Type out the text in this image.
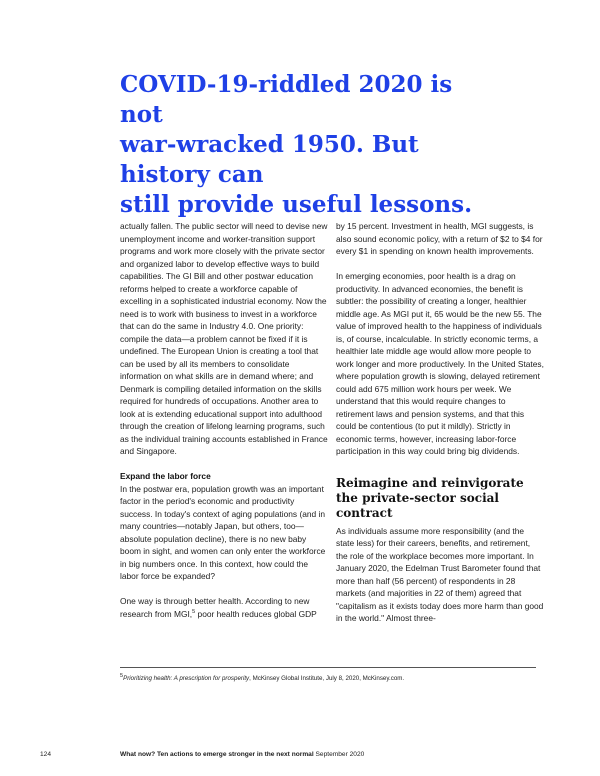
COVID-19-riddled 2020 is not
war-wracked 1950. But history can
still provide useful lessons.

actually fallen. The public sector will need to devise new unemployment income and worker-transition support programs and work more closely with the private sector and organized labor to develop effective ways to build capabilities. The GI Bill and other postwar education reforms helped to create a workforce capable of excelling in a sophisticated industrial economy. Now the need is to work with business to invest in a workforce that can do the same in Industry 4.0. One priority: compile the data—a problem cannot be fixed if it is undefined. The European Union is creating a tool that can be used by all its members to consolidate information on what skills are in demand where; and Denmark is compiling detailed information on the skills required for hundreds of occupations. Another area to look at is extending educational support into adulthood through the creation of lifelong learning programs, such as the individual training accounts established in France and Singapore.

Expand the labor force

In the postwar era, population growth was an important factor in the period's economic and productivity success. In today's context of aging populations (and in many countries—notably Japan, but others, too—absolute population decline), there is no new baby boom in sight, and women can only enter the workforce in big numbers once. In this context, how could the labor force be expanded?

One way is through better health. According to new research from MGI,$^5$ poor health reduces global GDP

by 15 percent. Investment in health, MGI suggests, is also sound economic policy, with a return of $2 to $4 for every $1 in spending on known health improvements.

In emerging economies, poor health is a drag on productivity. In advanced economies, the benefit is subtler: the possibility of creating a longer, healthier middle age. As MGI put it, 65 would be the new 55. The value of improved health to the happiness of individuals is, of course, incalculable. In strictly economic terms, a healthier late middle age would allow more people to work longer and more productively. In the United States, where population growth is slowing, delayed retirement could add 675 million work hours per week. We understand that this would require changes to retirement laws and pension systems, and that this could be contentious (to put it mildly). Strictly in economic terms, however, increasing labor-force participation in this way could bring big dividends.

Reimagine and reinvigorate the private-sector social contract

As individuals assume more responsibility (and the state less) for their careers, benefits, and retirement, the role of the workplace becomes more important. In January 2020, the Edelman Trust Barometer found that more than half (56 percent) of respondents in 28 markets (and majorities in 22 of them) agreed that "capitalism as it exists today does more harm than good in the world." Almost three-

$^5$Prioritizing health: A prescription for prosperity, McKinsey Global Institute, July 8, 2020, McKinsey.com.
124	What now? Ten actions to emerge stronger in the next normal September 2020
